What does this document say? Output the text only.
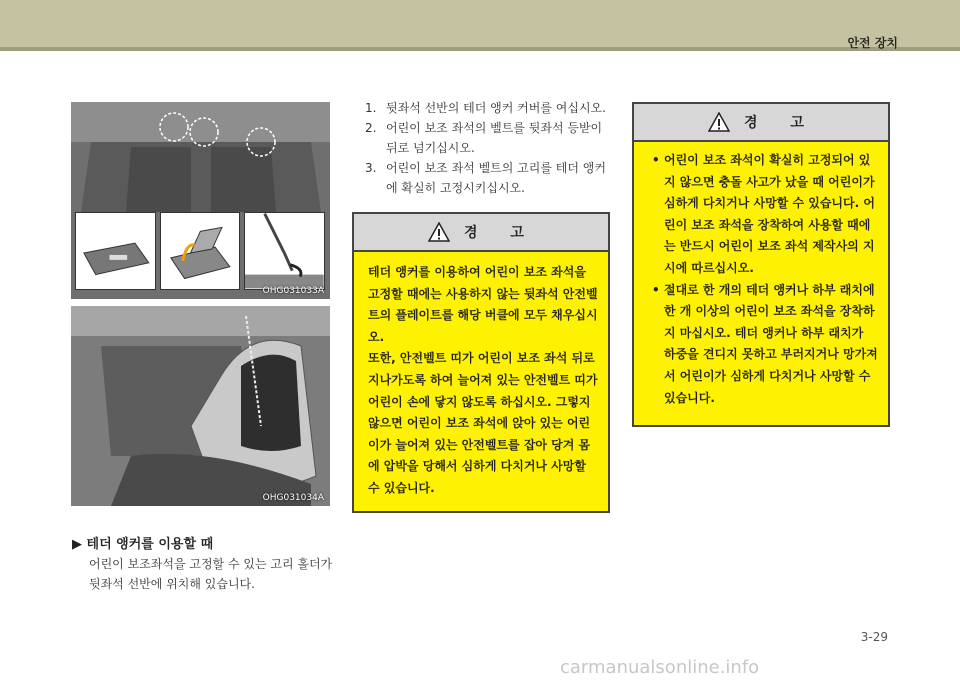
안전 장치
OHG031033A
OHG031034A
▶ 테더 앵커를 이용할 때
어린이 보조좌석을 고정할 수 있는 고리 홀더가 뒷좌석 선반에 위치해 있습니다.
1. 뒷좌석 선반의 테더 앵커 커버를 여십시오.
2. 어린이 보조 좌석의 벨트를 뒷좌석 등받이 뒤로 넘기십시오.
3. 어린이 보조 좌석 벨트의 고리를 테더 앵커에 확실히 고정시키십시오.
경 고
테더 앵커를 이용하여 어린이 보조 좌석을 고정할 때에는 사용하지 않는 뒷좌석 안전벨트의 플레이트를 해당 버클에 모두 채우십시오.
또한, 안전벨트 띠가 어린이 보조 좌석 뒤로 지나가도록 하여 늘어져 있는 안전벨트 띠가 어린이 손에 닿지 않도록 하십시오. 그렇지 않으면 어린이 보조 좌석에 앉아 있는 어린이가 늘어져 있는 안전벨트를 잡아 당겨 몸에 압박을 당해서 심하게 다치거나 사망할 수 있습니다.
경 고
• 어린이 보조 좌석이 확실히 고정되어 있지 않으면 충돌 사고가 났을 때 어린이가 심하게 다치거나 사망할 수 있습니다. 어린이 보조 좌석을 장착하여 사용할 때에는 반드시 어린이 보조 좌석 제작사의 지시에 따르십시오.
• 절대로 한 개의 테더 앵커나 하부 래치에 한 개 이상의 어린이 보조 좌석을 장착하지 마십시오. 테더 앵커나 하부 래치가 하중을 견디지 못하고 부러지거나 망가져서 어린이가 심하게 다치거나 사망할 수 있습니다.
3-29
carmanualsonline.info
